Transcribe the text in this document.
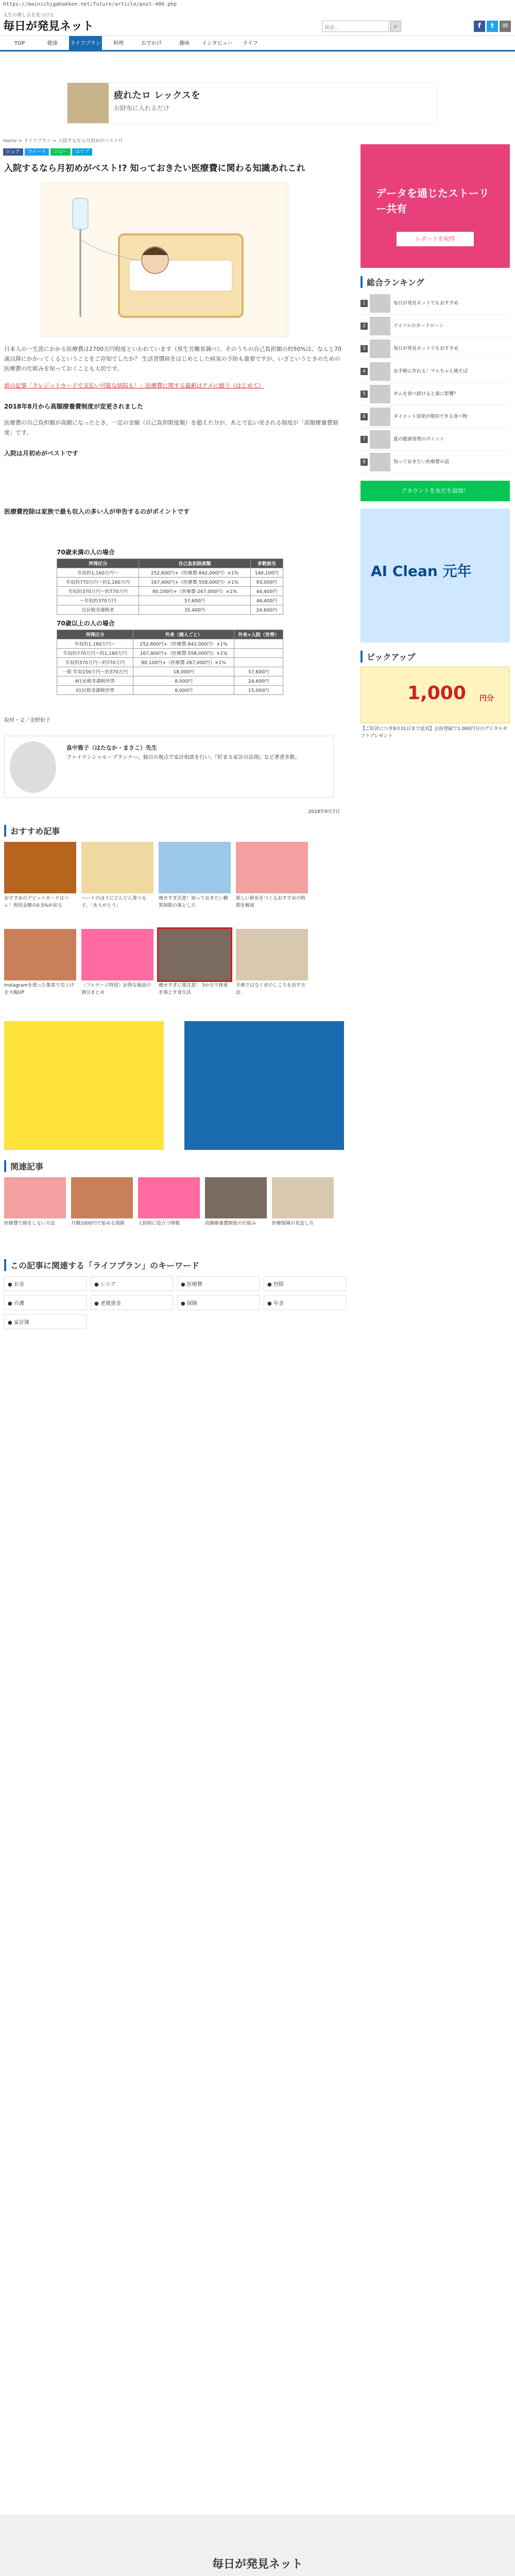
https://mainichigahakken.net/future/article/post-480.php
人生の楽しさを見つける
毎日が発見ネット	検索...	⌕	f	t	✉
TOP	健康	ライフプラン	料理	おでかけ	趣味	インタビュー	ライフ
疲れたロ レックスを
お財布に入れるだけ
Home > ライフプラン > 入院するなら月初めがベスト!?
シェア	ツイート	コピー	はてブ
入院するなら月初めがベスト!? 知っておきたい医療費に関わる知識あれこれ
日本人の一生涯にかかる医療費は2700万円程度といわれています（厚生労働省調べ）。そのうちの自己負担額の約50%は、なんと70歳以降にかかってくるということをご存知でしたか？ 生活習慣病をはじめとした病気の予防も重要ですが、いざというときのための医療費の仕組みを知っておくことも大切です。
前の記事「クレジットカードで支払い可能な病院も！」医療費に関する最新はアメに倣う（はじめて）
2018年8月から高額療養費制度が変更されました
医療費の自己負担額が高額になったとき、一定の金額（自己負担限度額）を超えた分が、あとで払い戻される制度が「高額療養費制度」です。
入院は月初めがベストです
医療費控除は家族で最も収入の多い人が申告するのがポイントです
70歳未満の人の場合
所得区分	自己負担限度額	多数該当
年収約1,160万円～	252,600円+（医療費-842,000円）×1%	140,100円
年収約770万円～約1,160万円	167,400円+（医療費-558,000円）×1%	93,000円
年収約370万円～約770万円	80,100円+（医療費-267,000円）×1%	44,400円
～年収約370万円	57,600円	44,400円
住民税非課税者	35,400円	24,600円
70歳以上の人の場合
所得区分	外来（個人ごと）	外来+入院（世帯）
年収約1,160万円～	252,600円+（医療費-842,000円）×1%	
年収約770万円～約1,160万円	167,400円+（医療費-558,000円）×1%	
年収約370万円～約770万円	80,100円+（医療費-267,000円）×1%	
一般 年収156万円～約370万円	18,000円	57,600円
Ⅱ住民税非課税世帯	8,000円	24,600円
Ⅰ住民税非課税世帯	8,000円	15,000円
取材・文／金野松子
畠中雅子（はたなか・まさこ）先生
ファイナンシャル・プランナー。独自の視点で家計相談を行い、『貯まる家計の法則』など著書多数。
2018年9月7日
おすすめ記事
おすすめのデビットカードはコレ！利用金額の0.5%が戻る
ハートのほうにどんどん食べる子、「ありがとう」
痩せすぎ注意！知っておきたい糖質制限の落とし穴
新しい財布をつくるおすすめの時期を解説
Instagramを使った集客で売上げを大幅UP
〈フルテージ特別〉お得な施設の割引まとめ
痩せすぎに要注意！ 3か月で体重を落とす食生活
手術ではなく首のしこりを治す方法
関連記事
医療費で損をしない方法	月額1000円で始める保険	入院時に役立つ情報	高額療養費制度の仕組み	医療保険の見直し方
この記事に関連する「ライフプラン」のキーワード
● お金	● シニア	● 医療費	● 控除
● 介護	● 老後資金	● 保険	● 年金
● 家計簿
データを通じたストーリー共有
レポートを取得
総合ランキング
1	毎日が発見ネットでもおすすめ
2	アイフルのカードローン
3	毎日が発見ネットでもおすすめ
4	お手軽に作れる！マルちゃん焼そば
5	ガムを食べ続けると歯に影響？
6	ダイエット効果が期待できる食べ物
7	夏の健康管理のポイント
8	知っておきたい医療費の話
アカウントを友だち追加！
AI Clean 元年
ピックアップ
1,000 円分
【ご好評につき8月31日まで延長】会員登録で1,000円分のデジタルギフトプレゼント
毎日が発見ネット
